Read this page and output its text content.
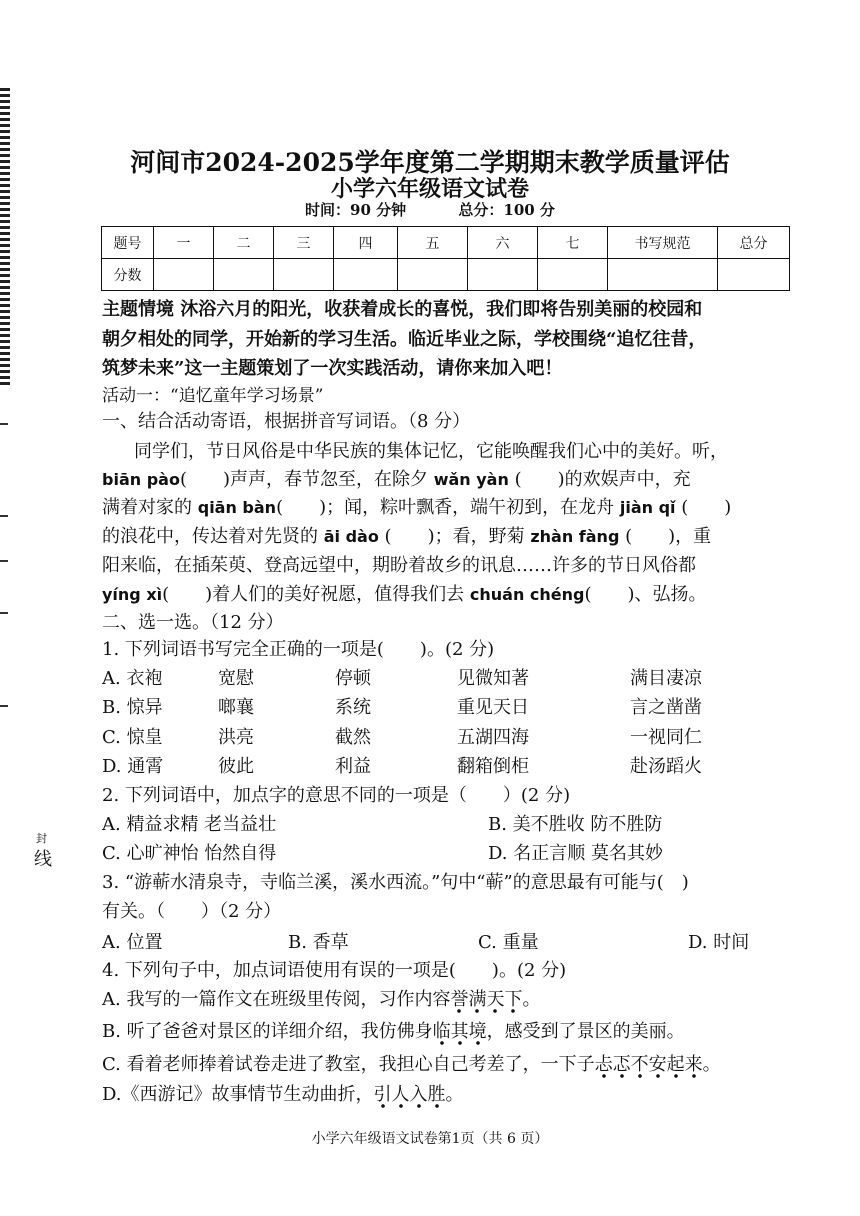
封
线
河间市2024-2025学年度第二学期期末教学质量评估
小学六年级语文试卷
时间：90 分钟	总分：100 分
题号	一	二	三	四	五	六	七	书写规范	总分
分数									
主题情境 沐浴六月的阳光，收获着成长的喜悦，我们即将告别美丽的校园和
朝夕相处的同学，开始新的学习生活。临近毕业之际，学校围绕“追忆往昔，
筑梦未来”这一主题策划了一次实践活动，请你来加入吧！
活动一：“追忆童年学习场景”
一、结合活动寄语，根据拼音写词语。（8 分）
同学们，节日风俗是中华民族的集体记忆，它能唤醒我们心中的美好。听，
biān pào(　　)声声，春节忽至，在除夕 wǎn yàn (　　)的欢娱声中，充
满着对家的 qiān bàn(　　)；闻，粽叶飘香，端午初到，在龙舟 jiàn qǐ (　　)
的浪花中，传达着对先贤的 āi dào (　　)；看，野菊 zhàn fàng (　　)，重
阳来临，在插茱萸、登高远望中，期盼着故乡的讯息……许多的节日风俗都
yíng xì(　　)着人们的美好祝愿，值得我们去 chuán chéng(　　)、弘扬。
二、选一选。（12 分）
1. 下列词语书写完全正确的一项是(　　)。(2 分)
A. 衣袍	宽慰	停顿	见微知著	满目凄凉
B. 惊异	啷襄	系统	重见天日	言之凿凿
C. 惊皇	洪亮	截然	五湖四海	一视同仁
D. 通霄	彼此	利益	翻箱倒柜	赴汤蹈火
2. 下列词语中，加点字的意思不同的一项是（　　）(2 分)
A. 精益求精 老当益壮	B. 美不胜收 防不胜防
C. 心旷神怡 怡然自得	D. 名正言顺 莫名其妙
3. “游蕲水清泉寺，寺临兰溪，溪水西流。”句中“蕲”的意思最有可能与(　)
有关。（　　）（2 分）
A. 位置	B. 香草	C. 重量	D. 时间
4. 下列句子中，加点词语使用有误的一项是(　　)。(2 分)
A. 我写的一篇作文在班级里传阅，习作内容誉满天下。
B. 听了爸爸对景区的详细介绍，我仿佛身临其境，感受到了景区的美丽。
C. 看着老师捧着试卷走进了教室，我担心自己考差了，一下子忐忑不安起来。
D.《西游记》故事情节生动曲折，引人入胜。
小学六年级语文试卷第1页（共 6 页）
